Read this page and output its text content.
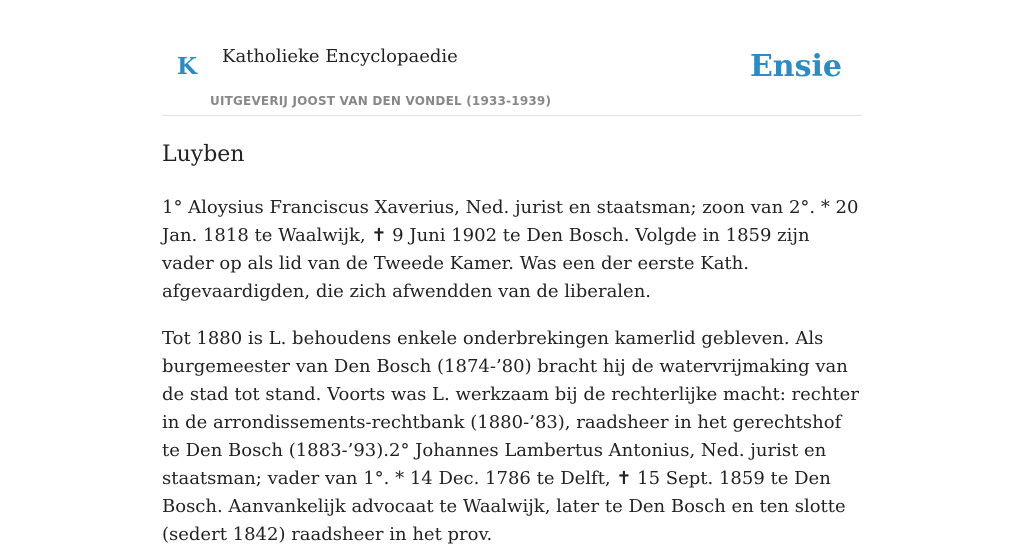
K Katholieke Encyclopaedie
UITGEVERIJ JOOST VAN DEN VONDEL (1933-1939)
Ensie
Luyben

1° Aloysius Franciscus Xaverius, Ned. jurist en staatsman; zoon van 2°. * 20 Jan. 1818 te Waalwijk, ✝ 9 Juni 1902 te Den Bosch. Volgde in 1859 zijn vader op als lid van de Tweede Kamer. Was een der eerste Kath. afgevaardigden, die zich afwendden van de liberalen.

Tot 1880 is L. behoudens enkele onderbrekingen kamerlid gebleven. Als burgemeester van Den Bosch (1874-’80) bracht hij de watervrijmaking van de stad tot stand. Voorts was L. werkzaam bij de rechterlijke macht: rechter in de arrondissements-rechtbank (1880-’83), raadsheer in het gerechtshof te Den Bosch (1883-’93).2° Johannes Lambertus Antonius, Ned. jurist en staatsman; vader van 1°. * 14 Dec. 1786 te Delft, ✝ 15 Sept. 1859 te Den Bosch. Aanvankelijk advocaat te Waalwijk, later te Den Bosch en ten slotte (sedert 1842) raadsheer in het prov.
